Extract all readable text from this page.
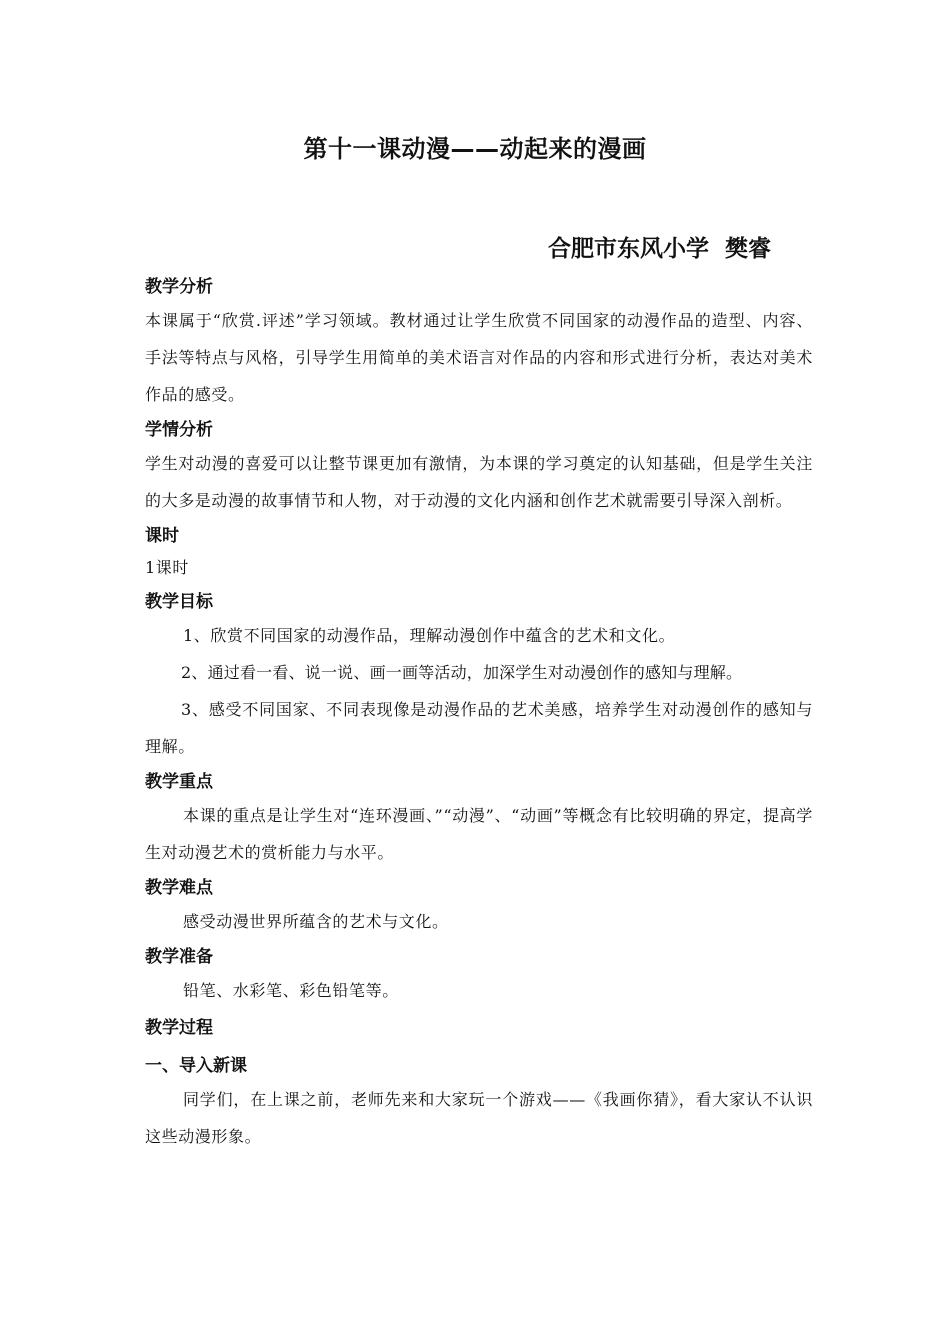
第十一课动漫——动起来的漫画
合肥市东风小学  樊睿

教学分析

本课属于“欣赏.评述”学习领域。教材通过让学生欣赏不同国家的动漫作品的造型、内容、手法等特点与风格，引导学生用简单的美术语言对作品的内容和形式进行分析，表达对美术作品的感受。

学情分析

学生对动漫的喜爱可以让整节课更加有激情，为本课的学习奠定的认知基础，但是学生关注的大多是动漫的故事情节和人物，对于动漫的文化内涵和创作艺术就需要引导深入剖析。

课时

1课时

教学目标

1、欣赏不同国家的动漫作品，理解动漫创作中蕴含的艺术和文化。

2、通过看一看、说一说、画一画等活动，加深学生对动漫创作的感知与理解。

3、感受不同国家、不同表现像是动漫作品的艺术美感，培养学生对动漫创作的感知与理解。

教学重点

本课的重点是让学生对“连环漫画、”“动漫”、“动画”等概念有比较明确的界定，提高学生对动漫艺术的赏析能力与水平。

教学难点

感受动漫世界所蕴含的艺术与文化。

教学准备

铅笔、水彩笔、彩色铅笔等。

教学过程

一、导入新课

同学们，在上课之前，老师先来和大家玩一个游戏——《我画你猜》，看大家认不认识这些动漫形象。
